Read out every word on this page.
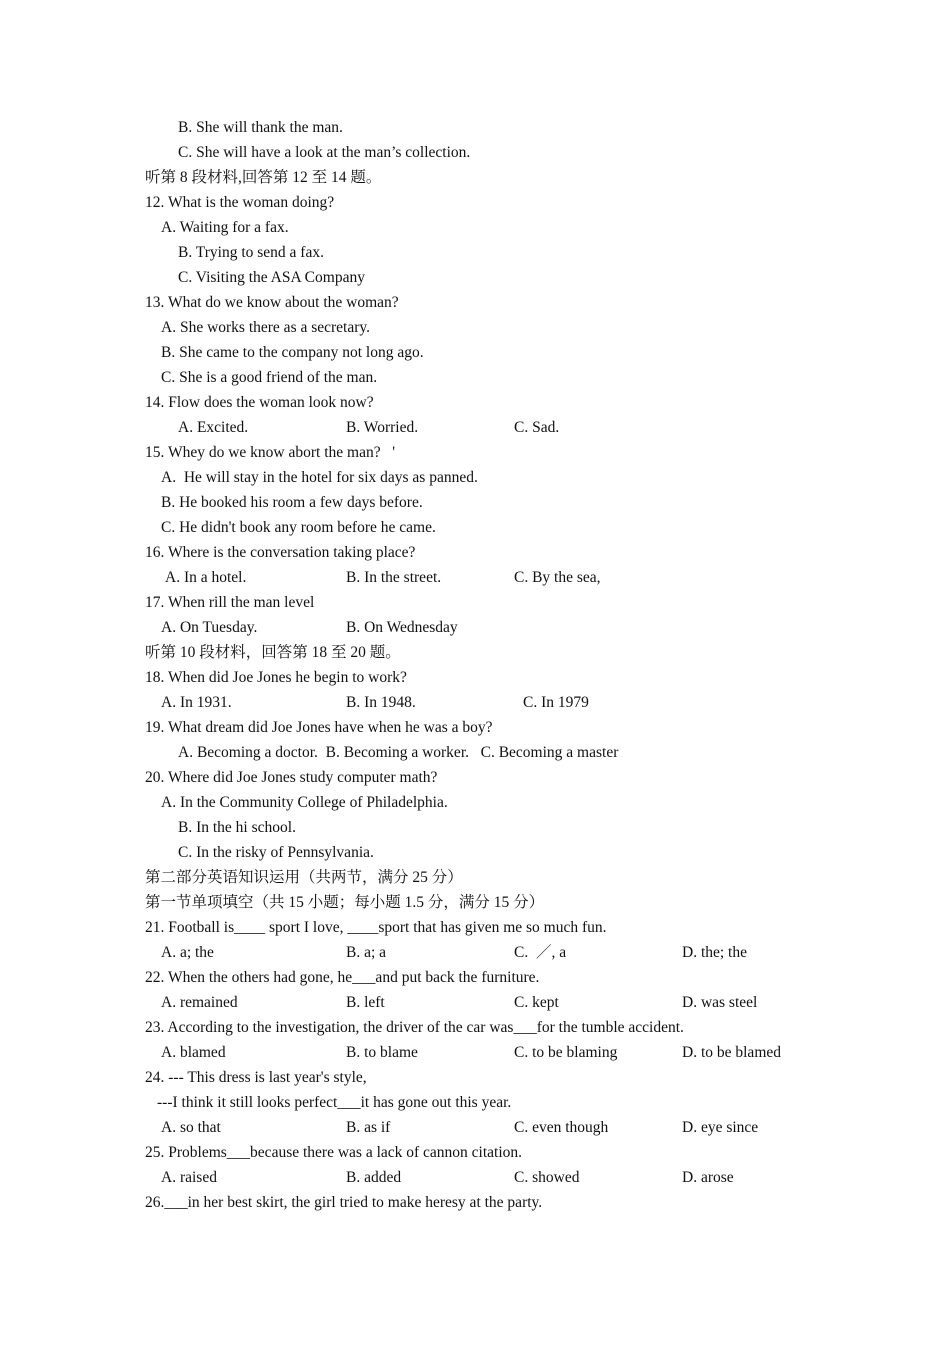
B. She will thank the man.
C. She will have a look at the man’s collection.
听第 8 段材料,回答第 12 至 14 题。
12. What is the woman doing?
A. Waiting for a fax.
B. Trying to send a fax.
C. Visiting the ASA Company
13. What do we know about the woman?
A. She works there as a secretary.
B. She came to the company not long ago.
C. She is a good friend of the man.
14. Flow does the woman look now?
A. Excited.	B. Worried.	C. Sad.
15. Whey do we know abort the man?   '
A.  He will stay in the hotel for six days as panned.
B. He booked his room a few days before.
C. He didn't book any room before he came.
16. Where is the conversation taking place?
A. In a hotel.	B. In the street.	C. By the sea,
17. When rill the man level
A. On Tuesday.	B. On Wednesday
听第 10 段材料，回答第 18 至 20 题。
18. When did Joe Jones he begin to work?
A. In 1931.	B. In 1948.	C. In 1979
19. What dream did Joe Jones have when he was a boy?
A. Becoming a doctor.  B. Becoming a worker.   C. Becoming a master
20. Where did Joe Jones study computer math?
A. In the Community College of Philadelphia.
B. In the hi school.
C. In the risky of Pennsylvania.
第二部分英语知识运用（共两节，满分 25 分）
第一节单项填空（共 15 小题；每小题 1.5 分，满分 15 分）
21. Football is____ sport I love, ____sport that has given me so much fun.
A. a; the	B. a; a	C.  ／, a	D. the; the
22. When the others had gone, he___and put back the furniture.
A. remained	B. left	C. kept	D. was steel
23. According to the investigation, the driver of the car was___for the tumble accident.
A. blamed	B. to blame	C. to be blaming	D. to be blamed
24. --- This dress is last year's style,
---I think it still looks perfect___it has gone out this year.
A. so that	B. as if	C. even though	D. eye since
25. Problems___because there was a lack of cannon citation.
A. raised	B. added	C. showed	D. arose
26.___in her best skirt, the girl tried to make heresy at the party.
